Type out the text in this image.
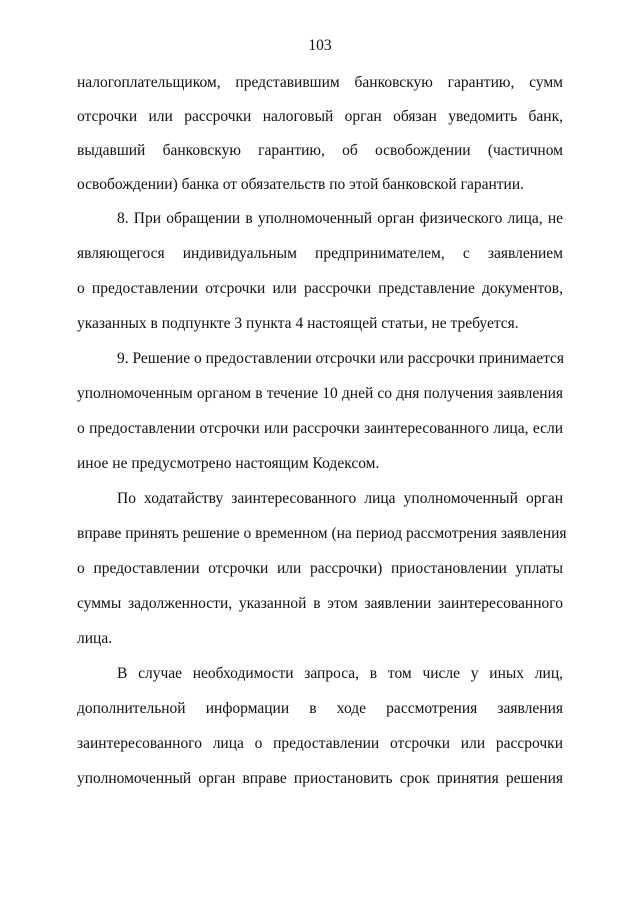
103
налогоплательщиком, представившим банковскую гарантию, сумм
отсрочки или рассрочки налоговый орган обязан уведомить банк,
выдавший банковскую гарантию, об освобождении (частичном
освобождении) банка от обязательств по этой банковской гарантии.
8. При обращении в уполномоченный орган физического лица, не
являющегося индивидуальным предпринимателем, с заявлением
о предоставлении отсрочки или рассрочки представление документов,
указанных в подпункте 3 пункта 4 настоящей статьи, не требуется.
9. Решение о предоставлении отсрочки или рассрочки принимается
уполномоченным органом в течение 10 дней со дня получения заявления
о предоставлении отсрочки или рассрочки заинтересованного лица, если
иное не предусмотрено настоящим Кодексом.
По ходатайству заинтересованного лица уполномоченный орган
вправе принять решение о временном (на период рассмотрения заявления
о предоставлении отсрочки или рассрочки) приостановлении уплаты
суммы задолженности, указанной в этом заявлении заинтересованного
лица.
В случае необходимости запроса, в том числе у иных лиц,
дополнительной информации в ходе рассмотрения заявления
заинтересованного лица о предоставлении отсрочки или рассрочки
уполномоченный орган вправе приостановить срок принятия решения
